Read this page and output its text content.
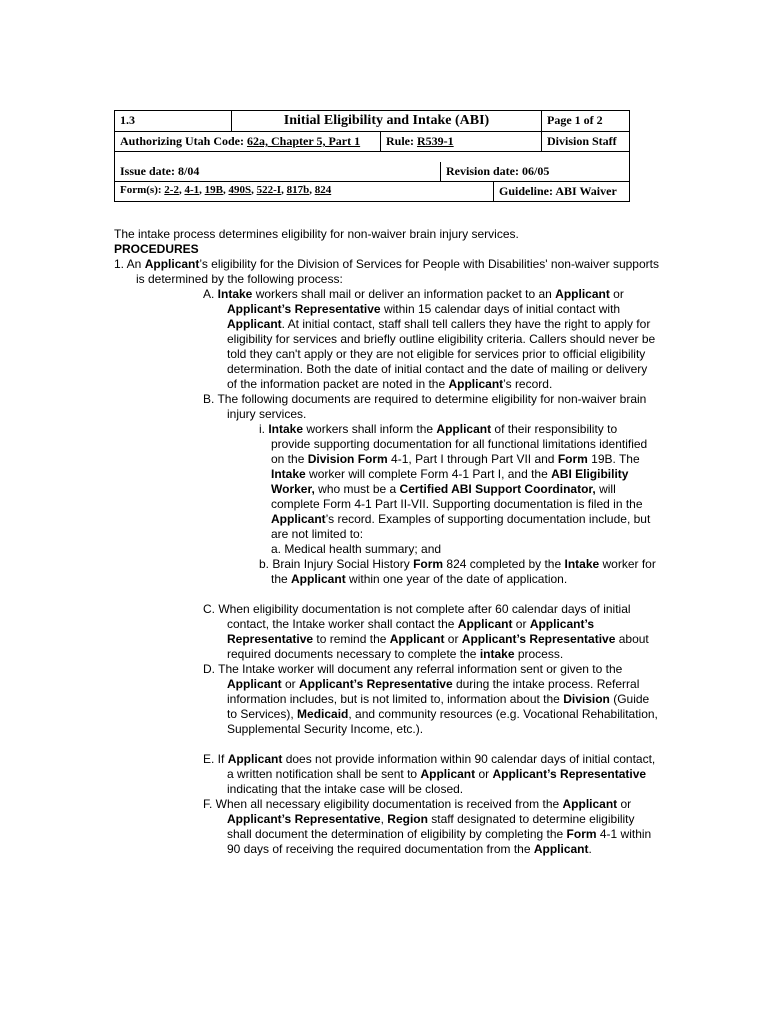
1.3	Initial Eligibility and Intake (ABI)	Page 1 of 2
Authorizing Utah Code: 62a, Chapter 5, Part 1	Rule: R539-1	Division Staff
Issue date: 8/04	Revision date: 06/05
Form(s): 2-2, 4-1, 19B, 490S, 522-I, 817b, 824	Guideline: ABI Waiver

The intake process determines eligibility for non-waiver brain injury services.

PROCEDURES

1. An Applicant’s eligibility for the Division of Services for People with Disabilities' non-waiver supports is determined by the following process:

A. Intake workers shall mail or deliver an information packet to an Applicant or Applicant’s Representative within 15 calendar days of initial contact with Applicant. At initial contact, staff shall tell callers they have the right to apply for eligibility for services and briefly outline eligibility criteria. Callers should never be told they can't apply or they are not eligible for services prior to official eligibility determination. Both the date of initial contact and the date of mailing or delivery of the information packet are noted in the Applicant’s record.

B. The following documents are required to determine eligibility for non-waiver brain injury services.

i. Intake workers shall inform the Applicant of their responsibility to provide supporting documentation for all functional limitations identified on the Division Form 4-1, Part I through Part VII and Form 19B. The Intake worker will complete Form 4-1 Part I, and the ABI Eligibility Worker, who must be a Certified ABI Support Coordinator, will complete Form 4-1 Part II-VII. Supporting documentation is filed in the Applicant’s record. Examples of supporting documentation include, but are not limited to:

a. Medical health summary; and

b. Brain Injury Social History Form 824 completed by the Intake worker for the Applicant within one year of the date of application.

C. When eligibility documentation is not complete after 60 calendar days of initial contact, the Intake worker shall contact the Applicant or Applicant’s Representative to remind the Applicant or Applicant’s Representative about required documents necessary to complete the intake process.

D. The Intake worker will document any referral information sent or given to the Applicant or Applicant’s Representative during the intake process. Referral information includes, but is not limited to, information about the Division (Guide to Services), Medicaid, and community resources (e.g. Vocational Rehabilitation, Supplemental Security Income, etc.).

E. If Applicant does not provide information within 90 calendar days of initial contact, a written notification shall be sent to Applicant or Applicant’s Representative indicating that the intake case will be closed.

F. When all necessary eligibility documentation is received from the Applicant or Applicant’s Representative, Region staff designated to determine eligibility shall document the determination of eligibility by completing the Form 4-1 within 90 days of receiving the required documentation from the Applicant.
